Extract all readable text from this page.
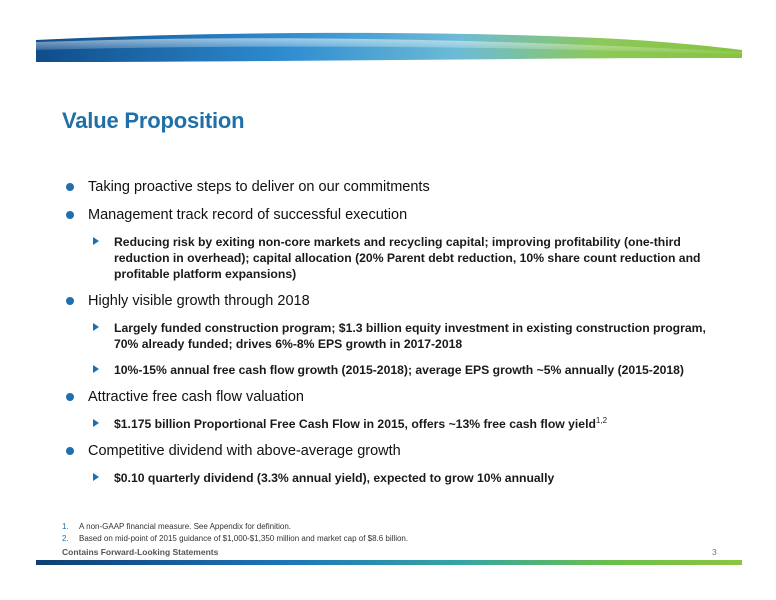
Value Proposition
Taking proactive steps to deliver on our commitments
Management track record of successful execution
Reducing risk by exiting non-core markets and recycling capital; improving profitability (one-third reduction in overhead); capital allocation (20% Parent debt reduction, 10% share count reduction and profitable platform expansions)
Highly visible growth through 2018
Largely funded construction program; $1.3 billion equity investment in existing construction program, 70% already funded; drives 6%-8% EPS growth in 2017-2018
10%-15% annual free cash flow growth (2015-2018); average EPS growth ~5% annually (2015-2018)
Attractive free cash flow valuation
$1.175 billion Proportional Free Cash Flow in 2015, offers ~13% free cash flow yield$^{1,2}$
Competitive dividend with above-average growth
$0.10 quarterly dividend (3.3% annual yield), expected to grow 10% annually
1. A non-GAAP financial measure. See Appendix for definition.
2. Based on mid-point of 2015 guidance of $1,000-$1,350 million and market cap of $8.6 billion.
Contains Forward-Looking Statements	3
